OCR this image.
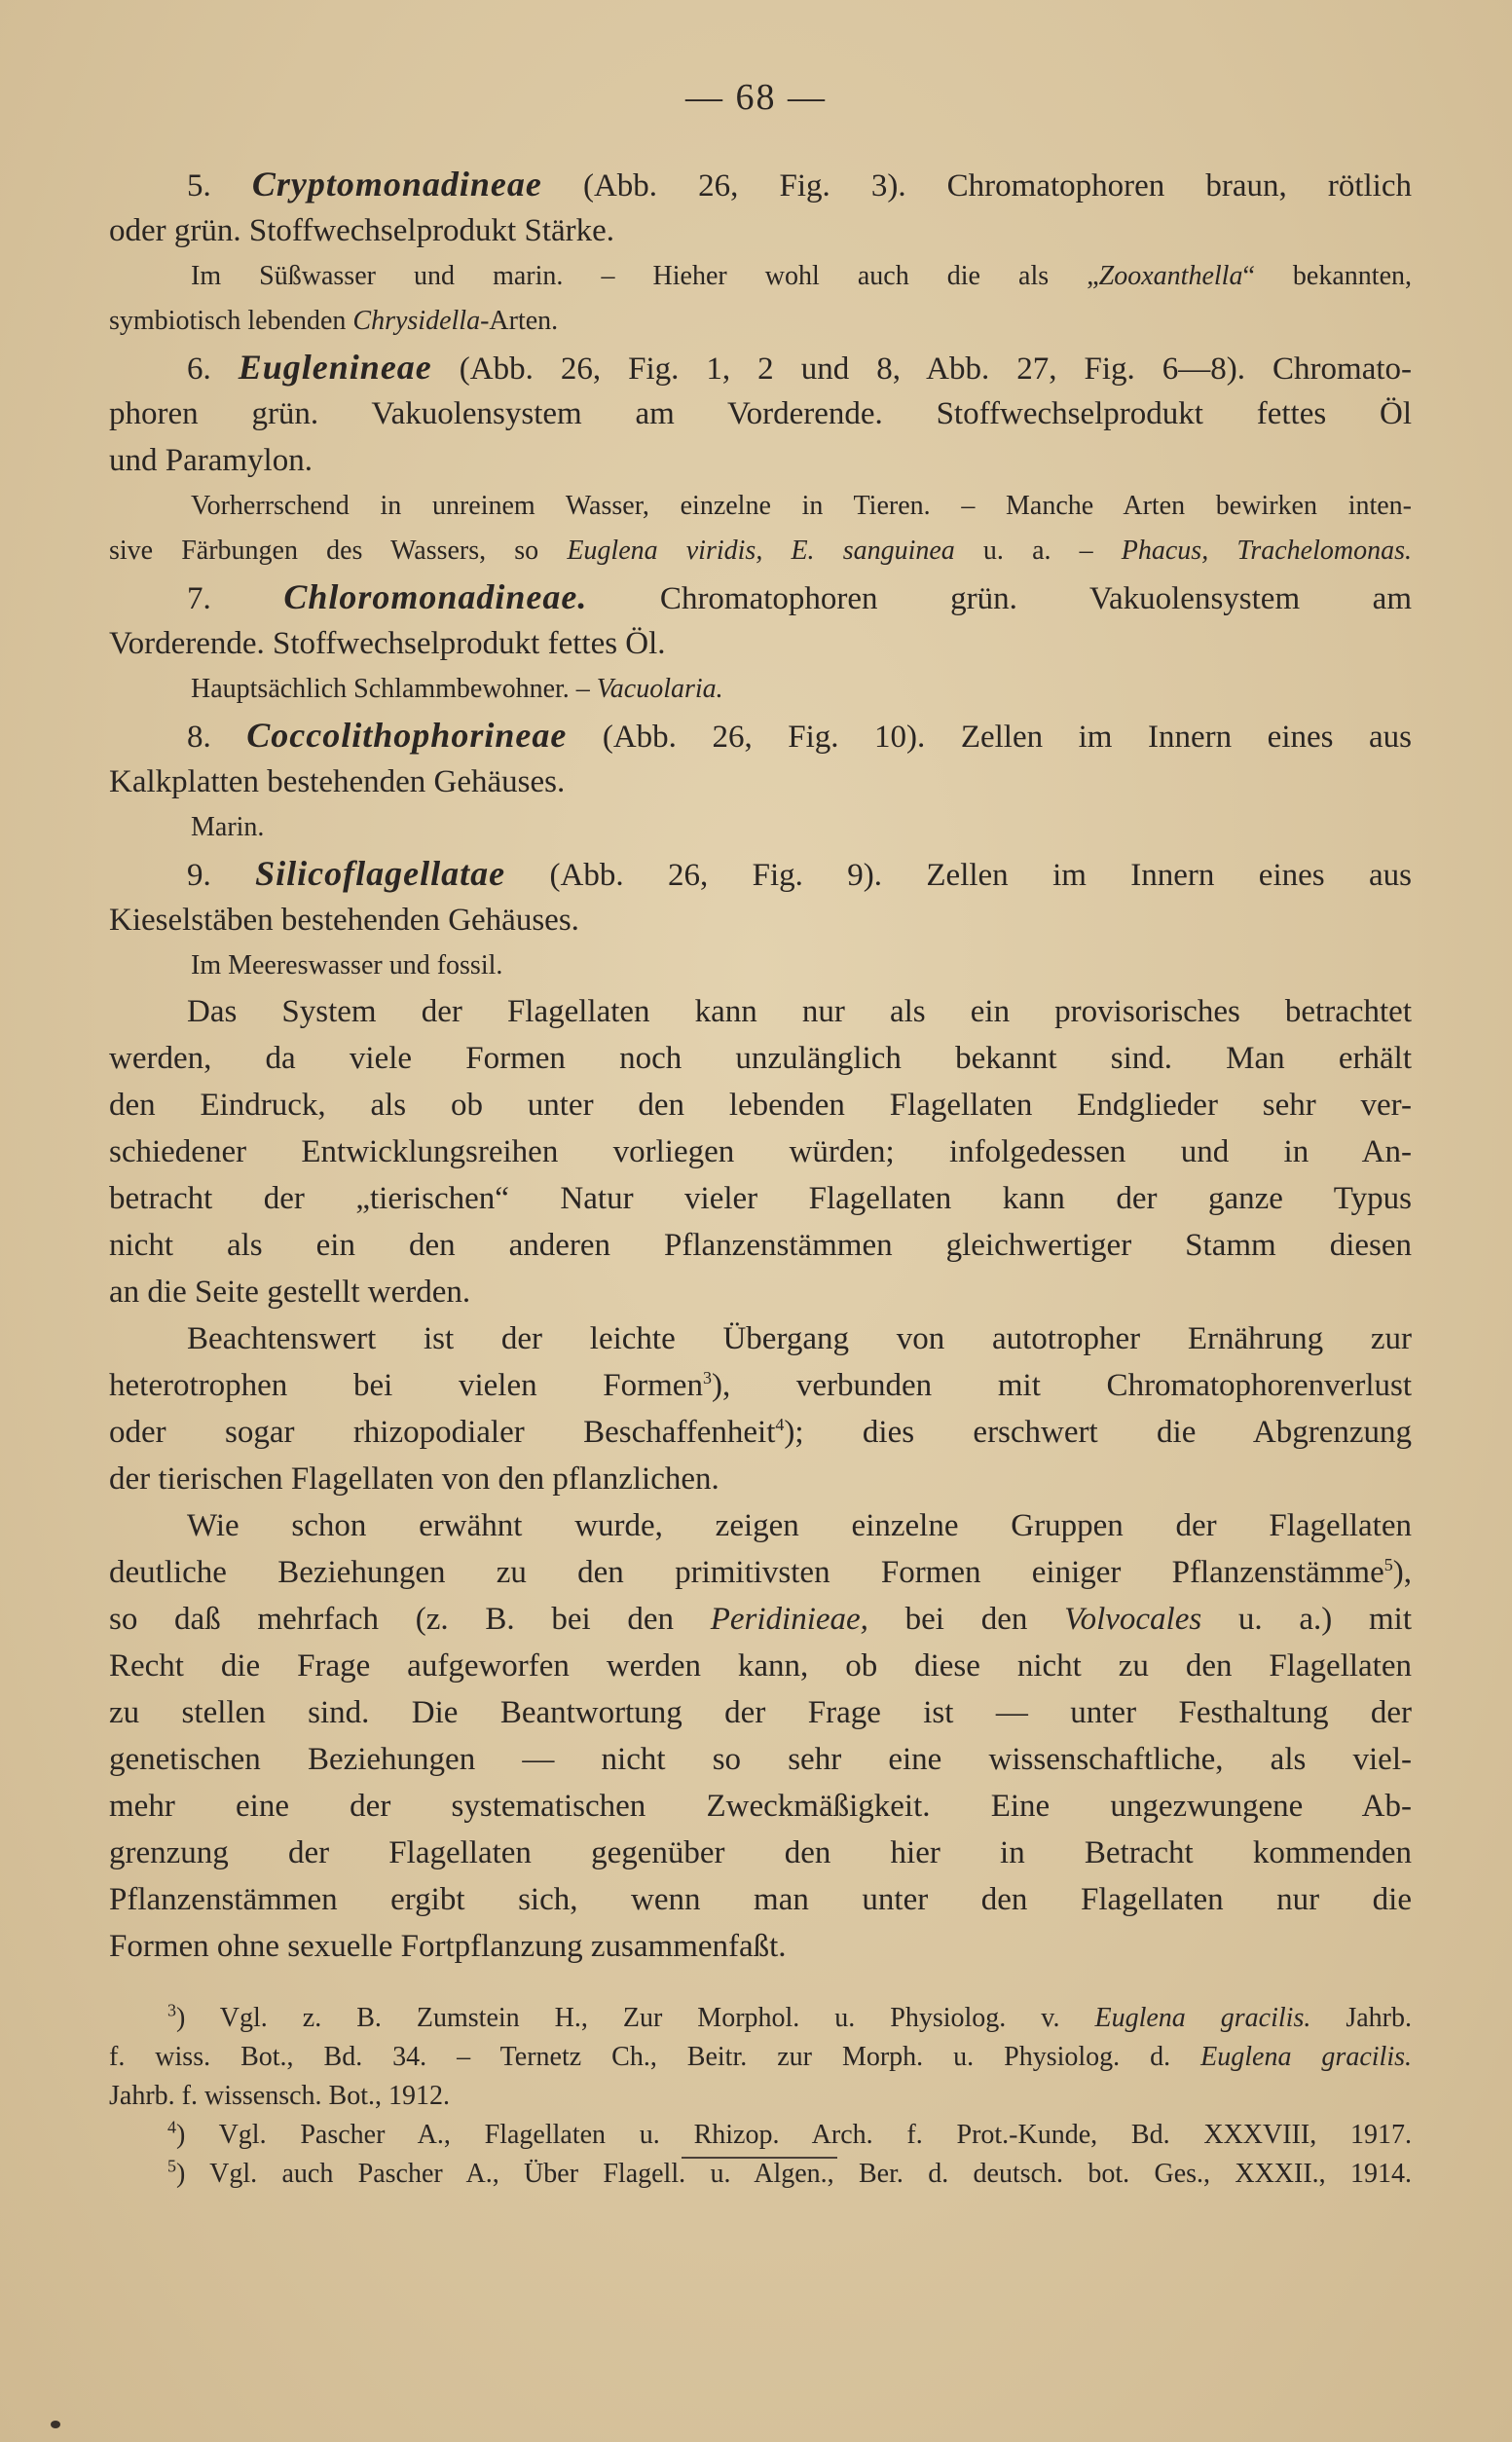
— 68 —
5. Cryptomonadineae (Abb. 26, Fig. 3). Chromatophoren braun, rötlich
oder grün. Stoffwechselprodukt Stärke.
Im Süßwasser und marin. – Hieher wohl auch die als „Zooxanthella“ bekannten,
symbiotisch lebenden Chrysidella-Arten.
6. Euglenineae (Abb. 26, Fig. 1, 2 und 8, Abb. 27, Fig. 6—8). Chromato-
phoren grün. Vakuolensystem am Vorderende. Stoffwechselprodukt fettes Öl
und Paramylon.
Vorherrschend in unreinem Wasser, einzelne in Tieren. – Manche Arten bewirken inten-
sive Färbungen des Wassers, so Euglena viridis, E. sanguinea u. a. – Phacus, Trachelomonas.
7. Chloromonadineae. Chromatophoren grün. Vakuolensystem am
Vorderende. Stoffwechselprodukt fettes Öl.
Hauptsächlich Schlammbewohner. – Vacuolaria.
8. Coccolithophorineae (Abb. 26, Fig. 10). Zellen im Innern eines aus
Kalkplatten bestehenden Gehäuses.
Marin.
9. Silicoflagellatae (Abb. 26, Fig. 9). Zellen im Innern eines aus
Kieselstäben bestehenden Gehäuses.
Im Meereswasser und fossil.
Das System der Flagellaten kann nur als ein provisorisches betrachtet
werden, da viele Formen noch unzulänglich bekannt sind. Man erhält
den Eindruck, als ob unter den lebenden Flagellaten Endglieder sehr ver-
schiedener Entwicklungsreihen vorliegen würden; infolgedessen und in An-
betracht der „tierischen“ Natur vieler Flagellaten kann der ganze Typus
nicht als ein den anderen Pflanzenstämmen gleichwertiger Stamm diesen
an die Seite gestellt werden.
Beachtenswert ist der leichte Übergang von autotropher Ernährung zur
heterotrophen bei vielen Formen$^3$), verbunden mit Chromatophorenverlust
oder sogar rhizopodialer Beschaffenheit$^4$); dies erschwert die Abgrenzung
der tierischen Flagellaten von den pflanzlichen.
Wie schon erwähnt wurde, zeigen einzelne Gruppen der Flagellaten
deutliche Beziehungen zu den primitivsten Formen einiger Pflanzenstämme$^5$),
so daß mehrfach (z. B. bei den Peridinieae, bei den Volvocales u. a.) mit
Recht die Frage aufgeworfen werden kann, ob diese nicht zu den Flagellaten
zu stellen sind. Die Beantwortung der Frage ist — unter Festhaltung der
genetischen Beziehungen — nicht so sehr eine wissenschaftliche, als viel-
mehr eine der systematischen Zweckmäßigkeit. Eine ungezwungene Ab-
grenzung der Flagellaten gegenüber den hier in Betracht kommenden
Pflanzenstämmen ergibt sich, wenn man unter den Flagellaten nur die
Formen ohne sexuelle Fortpflanzung zusammenfaßt.
$^3$) Vgl. z. B. Zumstein H., Zur Morphol. u. Physiolog. v. Euglena gracilis. Jahrb.
f. wiss. Bot., Bd. 34. – Ternetz Ch., Beitr. zur Morph. u. Physiolog. d. Euglena gracilis.
Jahrb. f. wissensch. Bot., 1912.
$^4$) Vgl. Pascher A., Flagellaten u. Rhizop. Arch. f. Prot.-Kunde, Bd. XXXVIII, 1917.
$^5$) Vgl. auch Pascher A., Über Flagell. u. Algen., Ber. d. deutsch. bot. Ges., XXXII., 1914.
